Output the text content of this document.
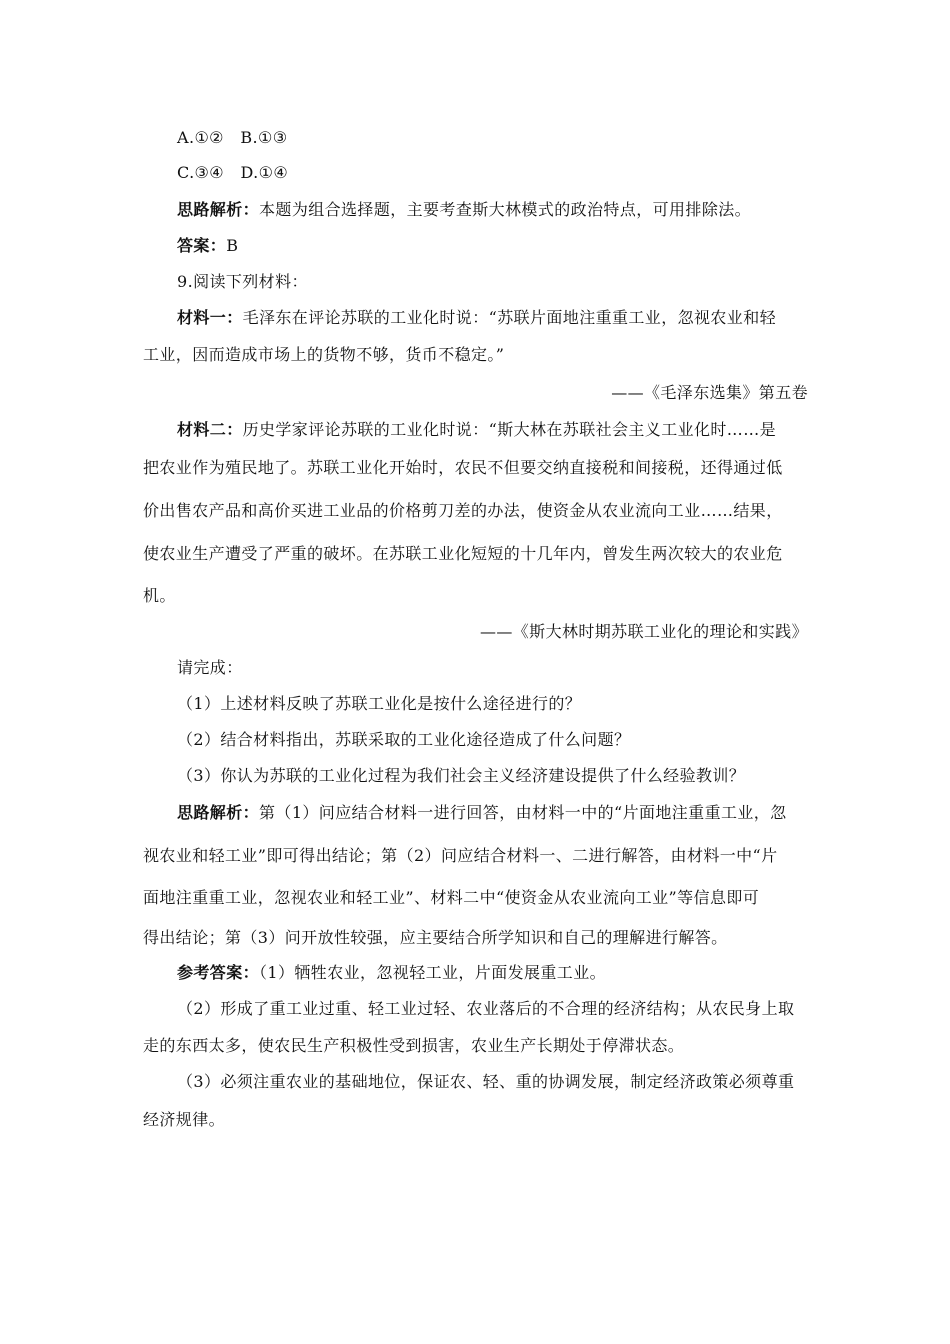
A.①②　B.①③
C.③④　D.①④
思路解析：本题为组合选择题，主要考查斯大林模式的政治特点，可用排除法。
答案：B
9.阅读下列材料：
材料一：毛泽东在评论苏联的工业化时说：“苏联片面地注重重工业，忽视农业和轻
工业，因而造成市场上的货物不够，货币不稳定。”
——《毛泽东选集》第五卷
材料二：历史学家评论苏联的工业化时说：“斯大林在苏联社会主义工业化时……是
把农业作为殖民地了。苏联工业化开始时，农民不但要交纳直接税和间接税，还得通过低
价出售农产品和高价买进工业品的价格剪刀差的办法，使资金从农业流向工业……结果，
使农业生产遭受了严重的破坏。在苏联工业化短短的十几年内，曾发生两次较大的农业危
机。
——《斯大林时期苏联工业化的理论和实践》
请完成：
（1）上述材料反映了苏联工业化是按什么途径进行的？
（2）结合材料指出，苏联采取的工业化途径造成了什么问题？
（3）你认为苏联的工业化过程为我们社会主义经济建设提供了什么经验教训？
思路解析：第（1）问应结合材料一进行回答，由材料一中的“片面地注重重工业，忽
视农业和轻工业”即可得出结论；第（2）问应结合材料一、二进行解答，由材料一中“片
面地注重重工业，忽视农业和轻工业”、材料二中“使资金从农业流向工业”等信息即可
得出结论；第（3）问开放性较强，应主要结合所学知识和自己的理解进行解答。
参考答案：（1）牺牲农业，忽视轻工业，片面发展重工业。
（2）形成了重工业过重、轻工业过轻、农业落后的不合理的经济结构；从农民身上取
走的东西太多，使农民生产积极性受到损害，农业生产长期处于停滞状态。
（3）必须注重农业的基础地位，保证农、轻、重的协调发展，制定经济政策必须尊重
经济规律。
